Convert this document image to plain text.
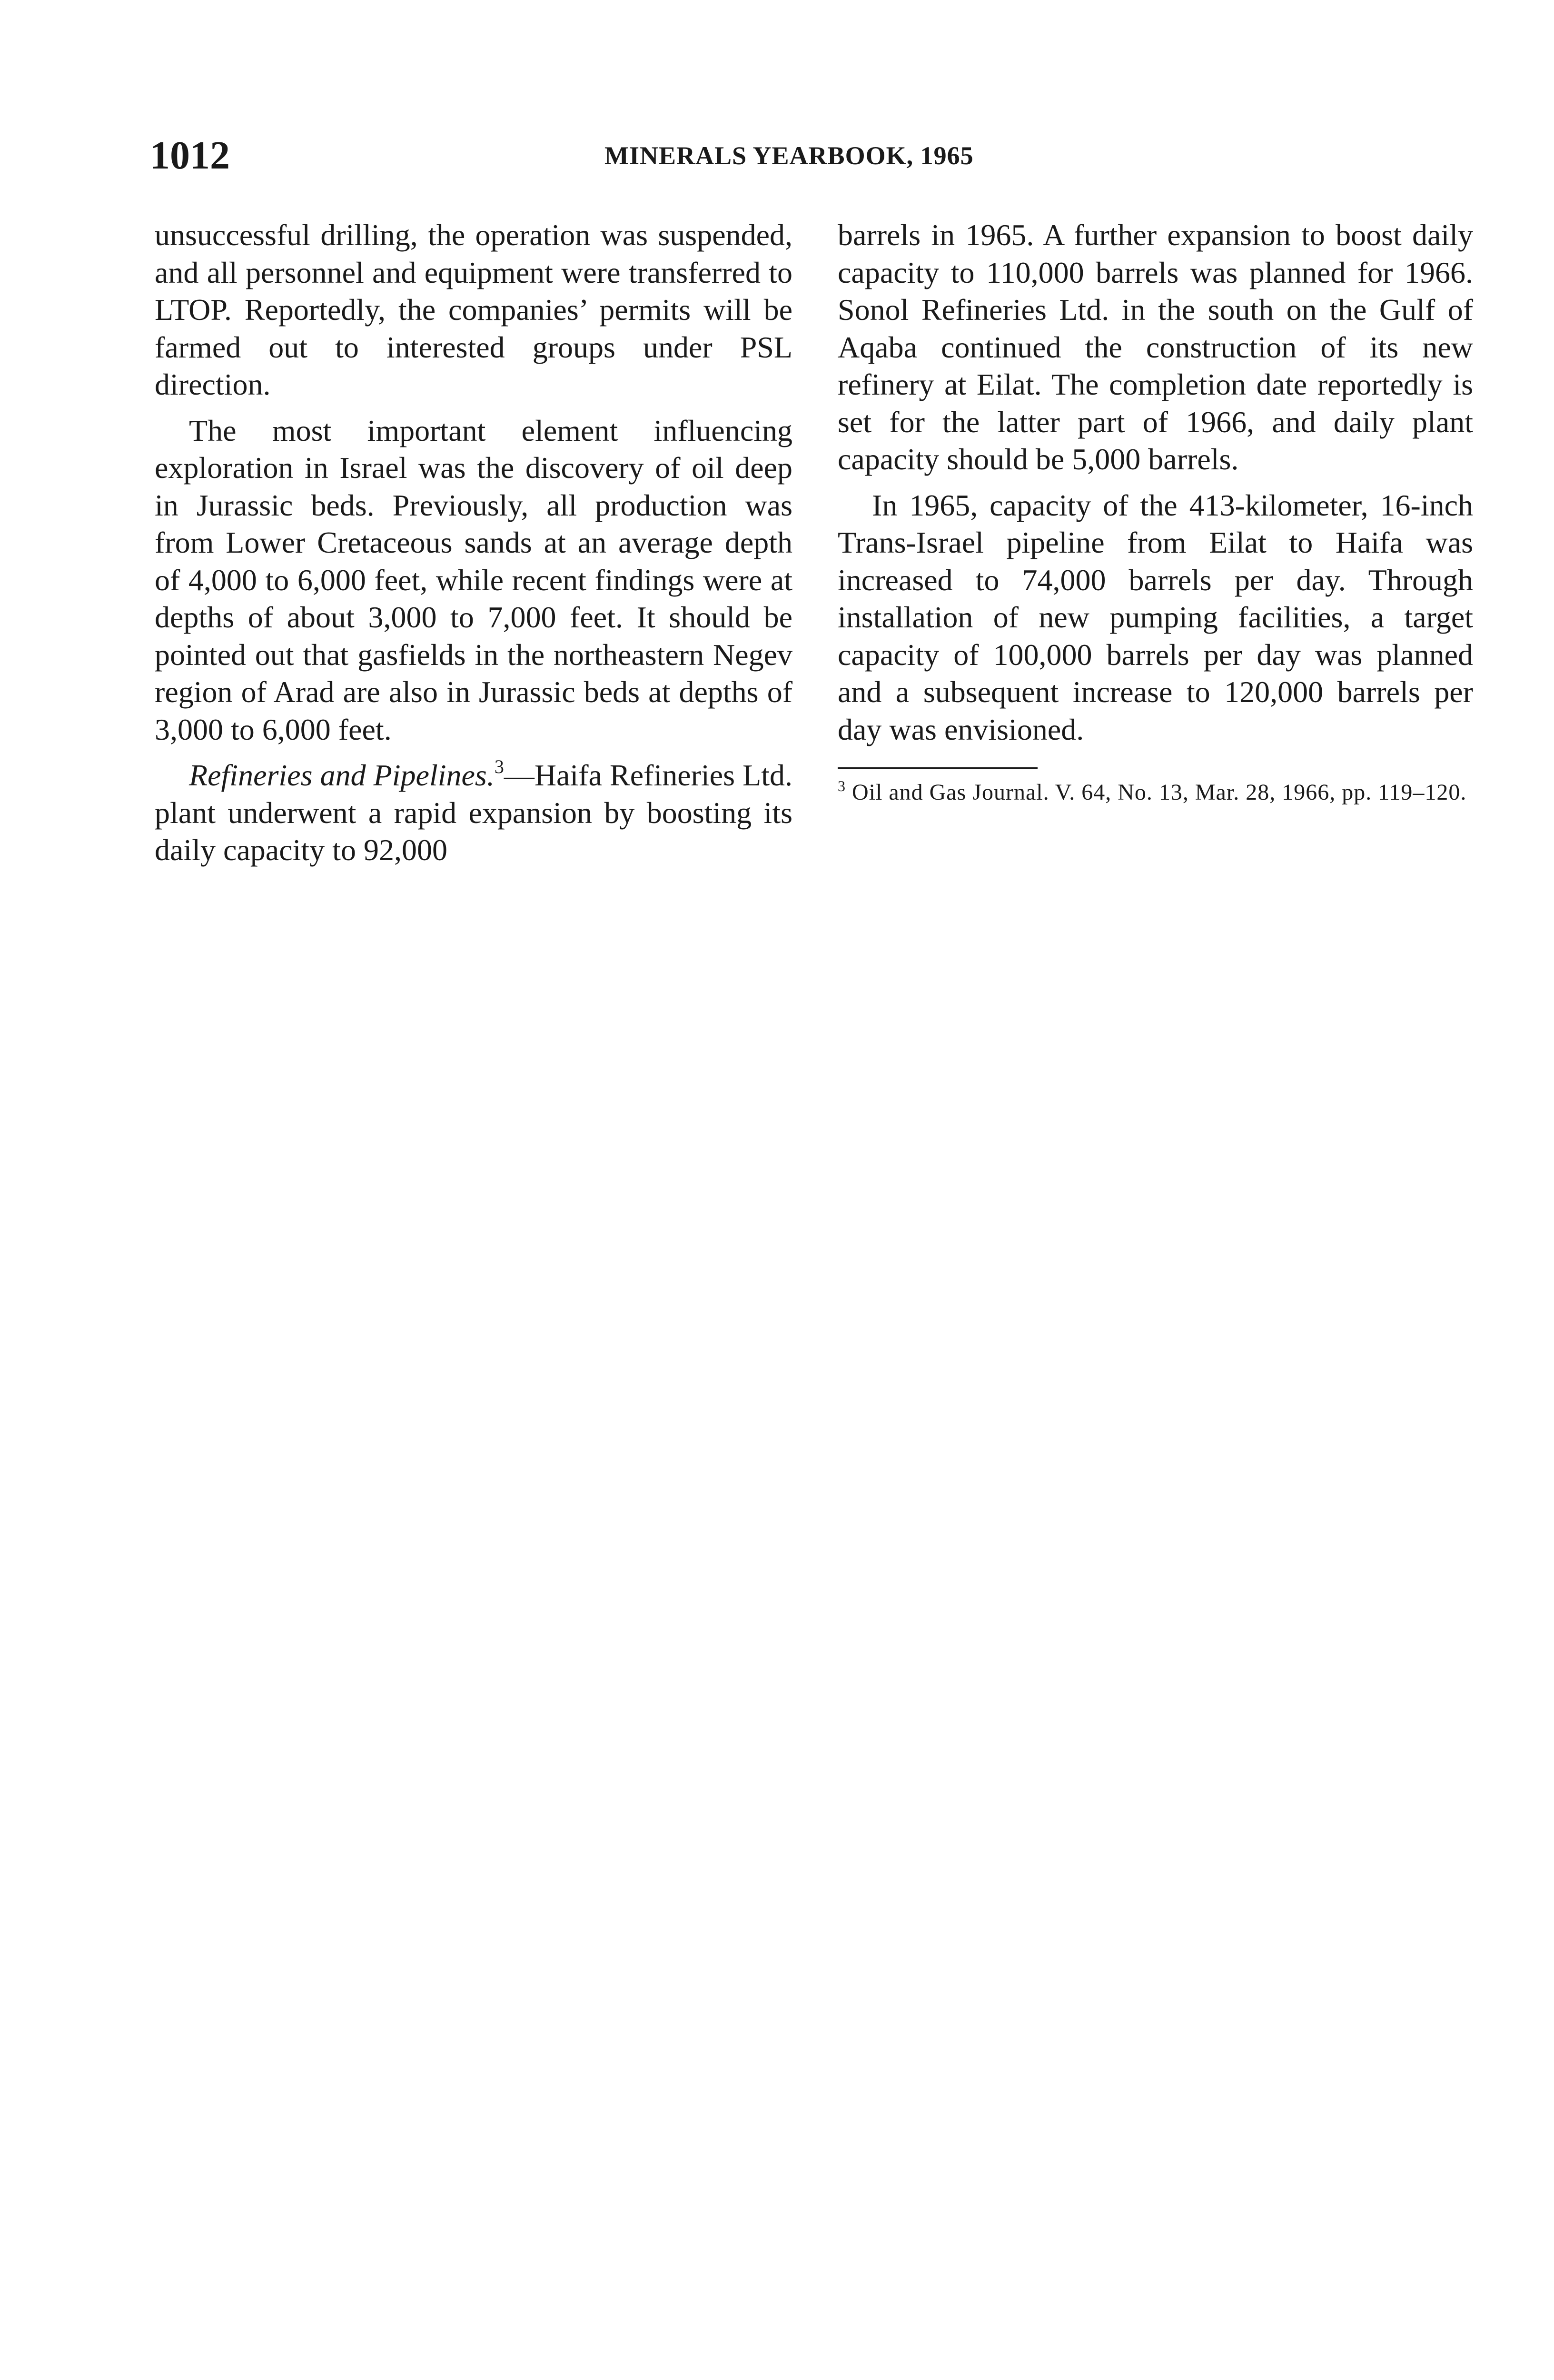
1012	MINERALS YEARBOOK, 1965

unsuccessful drilling, the operation was suspended, and all personnel and equipment were transferred to LTOP. Reportedly, the companies’ permits will be farmed out to interested groups under PSL direction.

The most important element influencing exploration in Israel was the discovery of oil deep in Jurassic beds. Previously, all production was from Lower Cretaceous sands at an average depth of 4,000 to 6,000 feet, while recent findings were at depths of about 3,000 to 7,000 feet. It should be pointed out that gasfields in the northeastern Negev region of Arad are also in Jurassic beds at depths of 3,000 to 6,000 feet.

Refineries and Pipelines.$^3$—Haifa Refineries Ltd. plant underwent a rapid expansion by boosting its daily capacity to 92,000

barrels in 1965. A further expansion to boost daily capacity to 110,000 barrels was planned for 1966. Sonol Refineries Ltd. in the south on the Gulf of Aqaba continued the construction of its new refinery at Eilat. The completion date reportedly is set for the latter part of 1966, and daily plant capacity should be 5,000 barrels.

In 1965, capacity of the 413-kilometer, 16-inch Trans-Israel pipeline from Eilat to Haifa was increased to 74,000 barrels per day. Through installation of new pumping facilities, a target capacity of 100,000 barrels per day was planned and a subsequent increase to 120,000 barrels per day was envisioned.

$^3$ Oil and Gas Journal. V. 64, No. 13, Mar. 28, 1966, pp. 119–120.
